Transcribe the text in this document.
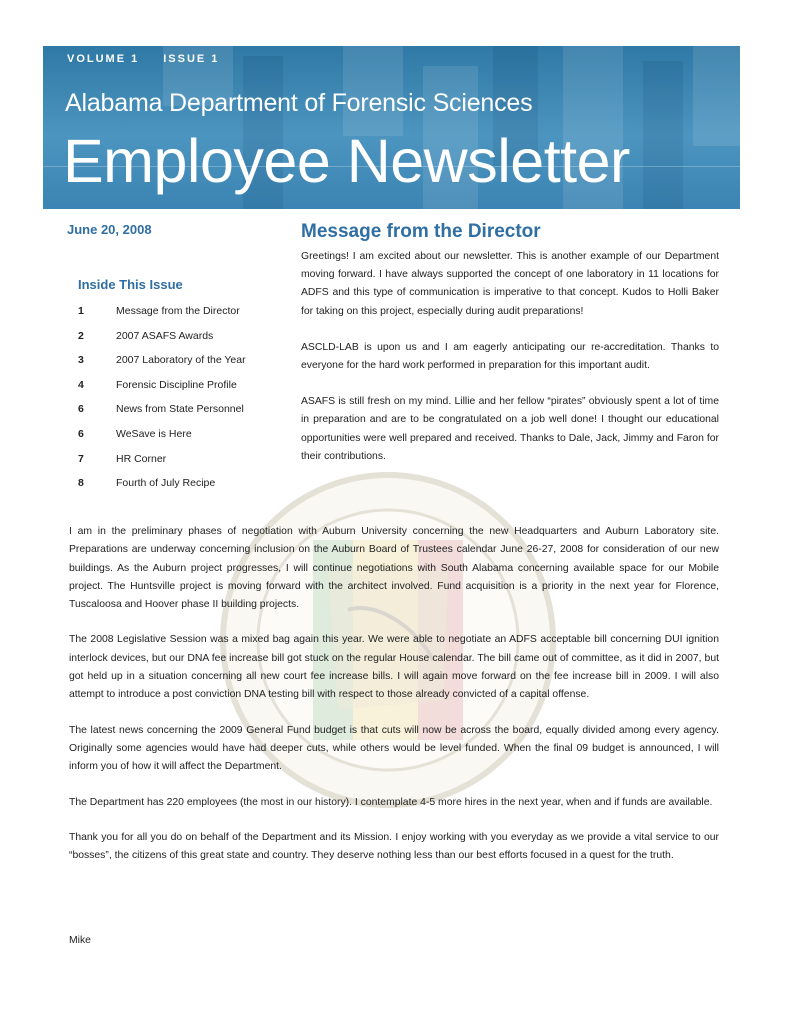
VOLUME 1 ISSUE 1
Alabama Department of Forensic Sciences
Employee Newsletter
June 20, 2008
Inside This Issue
1	Message from the Director
2	2007 ASAFS Awards
3	2007 Laboratory of the Year
4	Forensic Discipline Profile
6	News from State Personnel
6	WeSave is Here
7	HR Corner
8	Fourth of July Recipe
Message from the Director

Greetings! I am excited about our newsletter. This is another example of our Department moving forward. I have always supported the concept of one laboratory in 11 locations for ADFS and this type of communication is imperative to that concept. Kudos to Holli Baker for taking on this project, especially during audit preparations!

ASCLD-LAB is upon us and I am eagerly anticipating our re-accreditation. Thanks to everyone for the hard work performed in preparation for this important audit.

ASAFS is still fresh on my mind. Lillie and her fellow “pirates” obviously spent a lot of time in preparation and are to be congratulated on a job well done! I thought our educational opportunities were well prepared and received. Thanks to Dale, Jack, Jimmy and Faron for their contributions.

I am in the preliminary phases of negotiation with Auburn University concerning the new Headquarters and Auburn Laboratory site. Preparations are underway concerning inclusion on the Auburn Board of Trustees calendar June 26-27, 2008 for consideration of our new buildings. As the Auburn project progresses, I will continue negotiations with South Alabama concerning available space for our Mobile project. The Huntsville project is moving forward with the architect involved. Fund acquisition is a priority in the next year for Florence, Tuscaloosa and Hoover phase II building projects.

The 2008 Legislative Session was a mixed bag again this year. We were able to negotiate an ADFS acceptable bill concerning DUI ignition interlock devices, but our DNA fee increase bill got stuck on the regular House calendar. The bill came out of committee, as it did in 2007, but got held up in a situation concerning all new court fee increase bills. I will again move forward on the fee increase bill in 2009. I will also attempt to introduce a post conviction DNA testing bill with respect to those already convicted of a capital offense.

The latest news concerning the 2009 General Fund budget is that cuts will now be across the board, equally divided among every agency. Originally some agencies would have had deeper cuts, while others would be level funded. When the final 09 budget is announced, I will inform you of how it will affect the Department.

The Department has 220 employees (the most in our history). I contemplate 4-5 more hires in the next year, when and if funds are available.

Thank you for all you do on behalf of the Department and its Mission. I enjoy working with you everyday as we provide a vital service to our “bosses”, the citizens of this great state and country. They deserve nothing less than our best efforts focused in a quest for the truth.

Mike
